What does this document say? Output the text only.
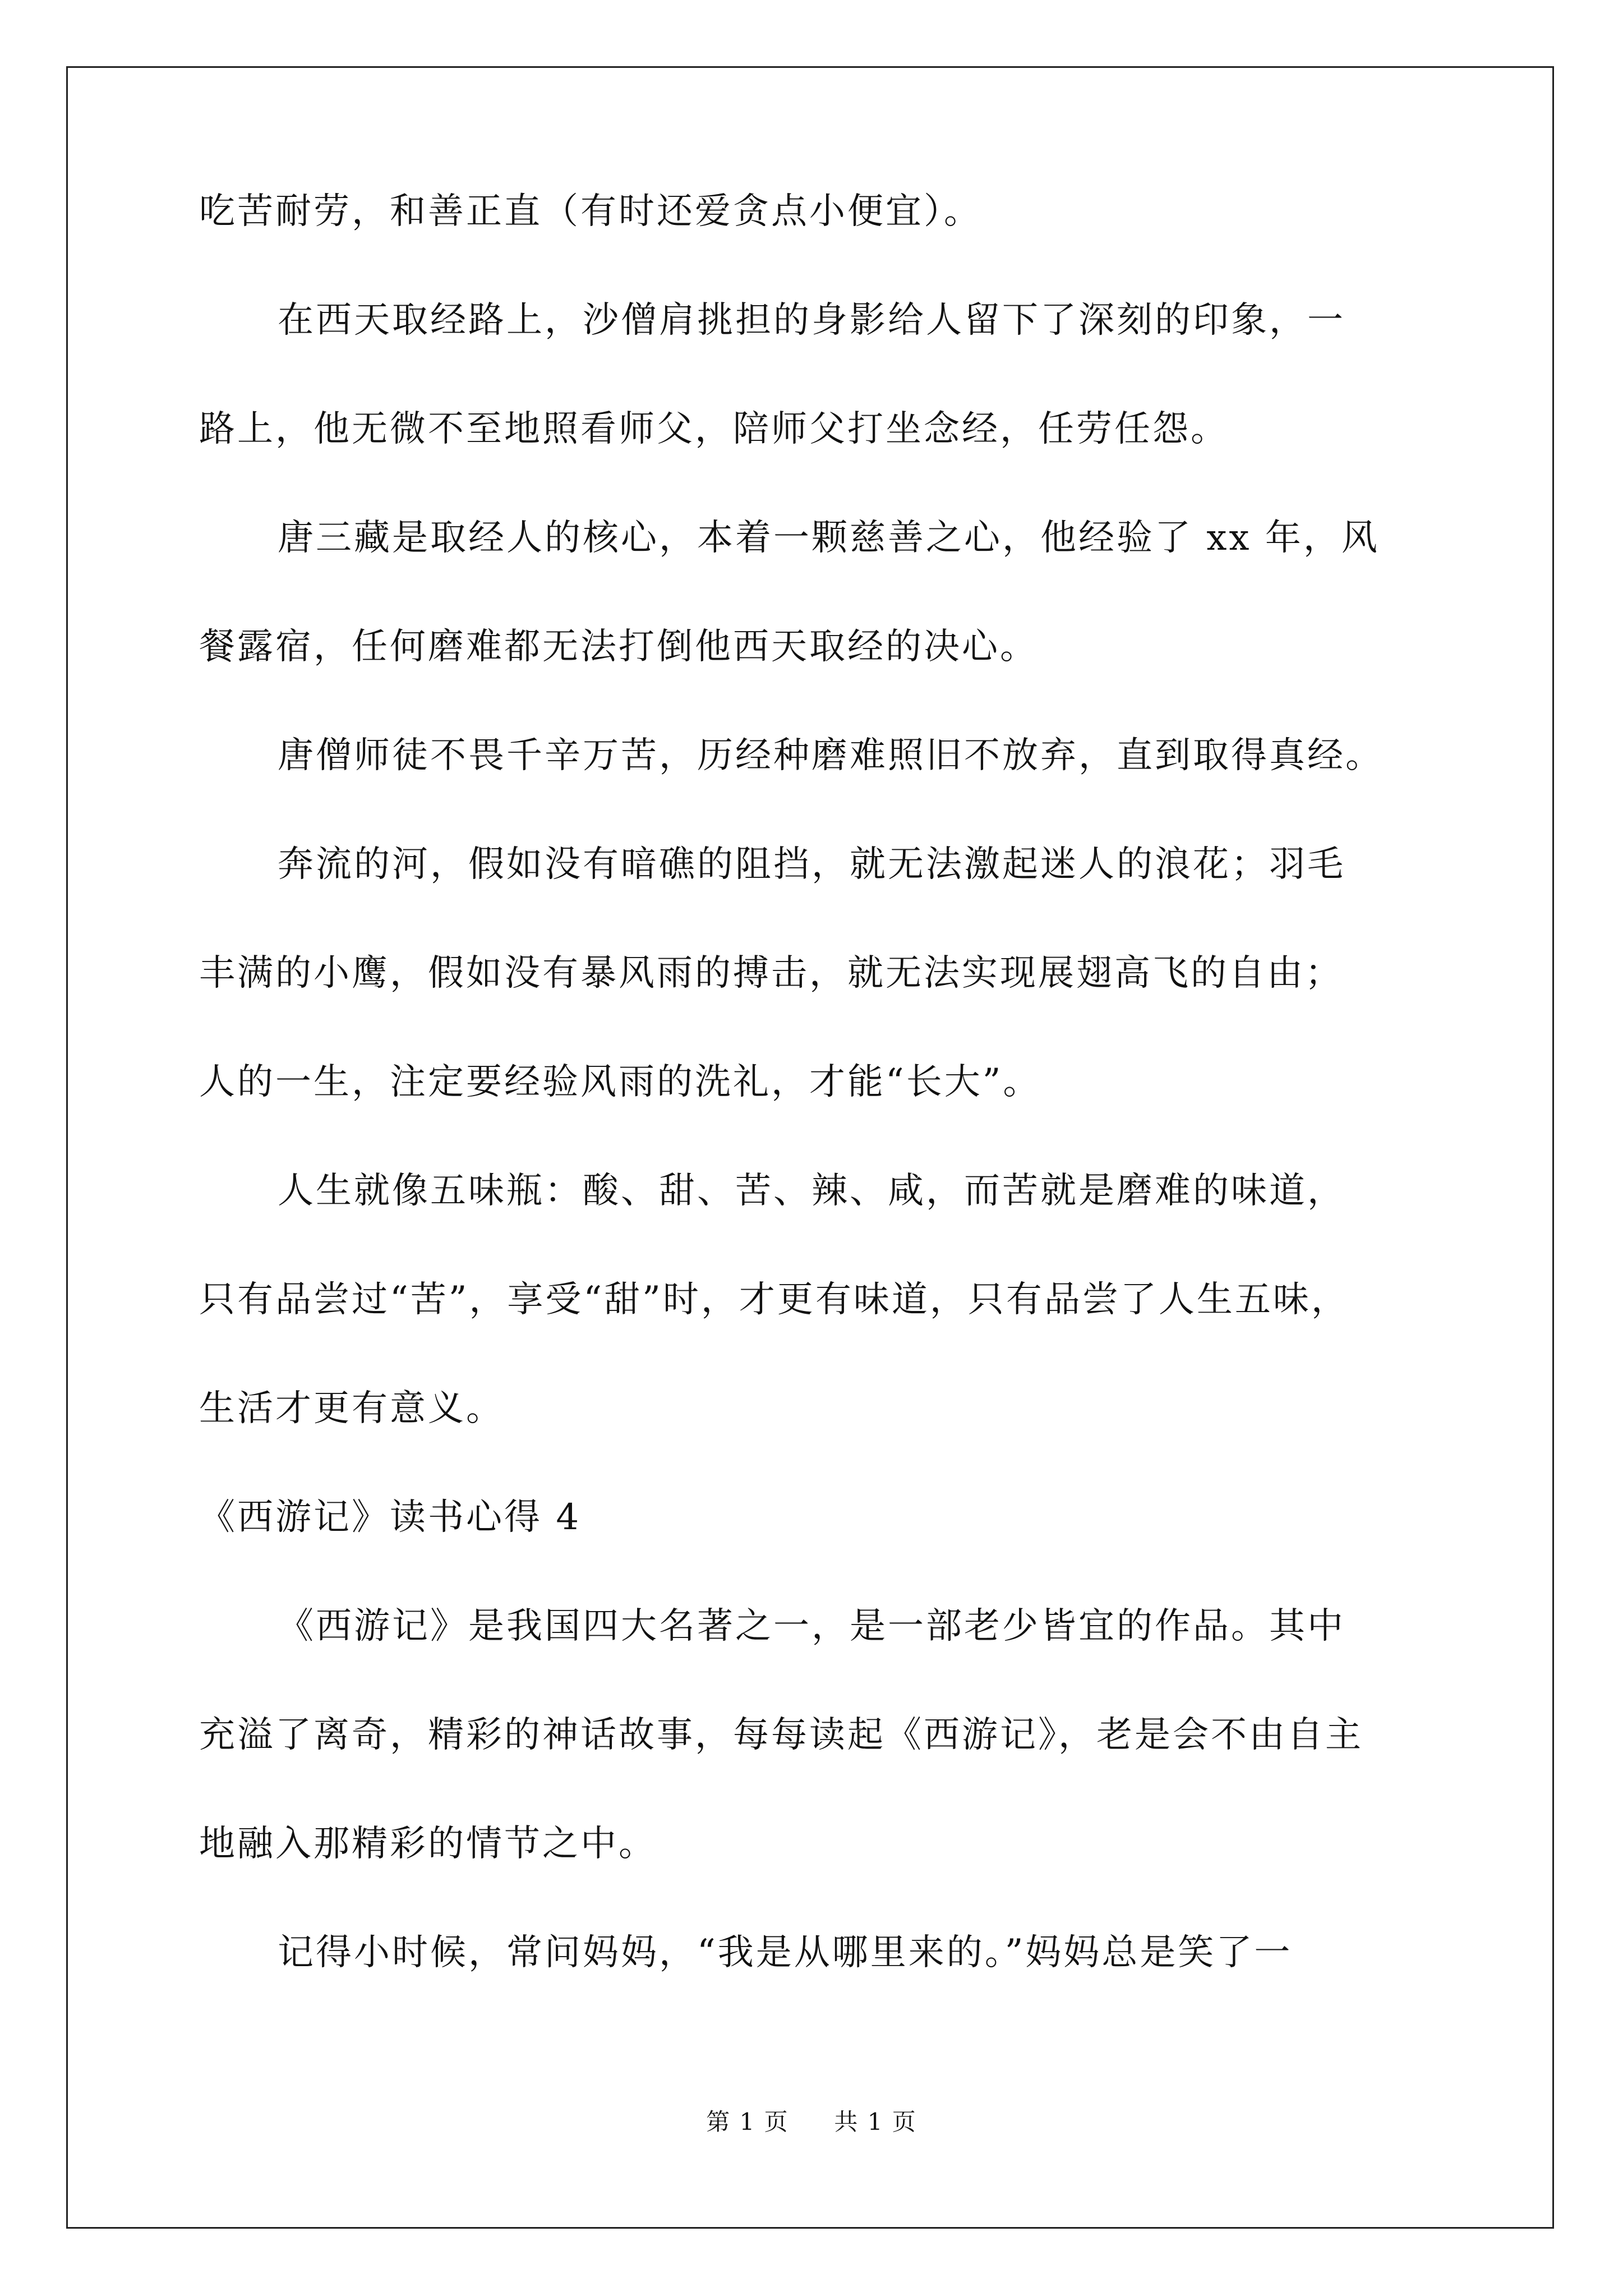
吃苦耐劳，和善正直（有时还爱贪点小便宜）。
在西天取经路上，沙僧肩挑担的身影给人留下了深刻的印象，一
路上，他无微不至地照看师父，陪师父打坐念经，任劳任怨。
唐三藏是取经人的核心，本着一颗慈善之心，他经验了 xx 年，风
餐露宿，任何磨难都无法打倒他西天取经的决心。
唐僧师徒不畏千辛万苦，历经种磨难照旧不放弃，直到取得真经。
奔流的河，假如没有暗礁的阻挡，就无法激起迷人的浪花；羽毛
丰满的小鹰，假如没有暴风雨的搏击，就无法实现展翅高飞的自由；
人的一生，注定要经验风雨的洗礼，才能“长大”。
人生就像五味瓶：酸、甜、苦、辣、咸，而苦就是磨难的味道，
只有品尝过“苦”，享受“甜”时，才更有味道，只有品尝了人生五味，
生活才更有意义。
《西游记》读书心得 4
《西游记》是我国四大名著之一，是一部老少皆宜的作品。其中
充溢了离奇，精彩的神话故事，每每读起《西游记》，老是会不由自主
地融入那精彩的情节之中。
记得小时候，常问妈妈，“我是从哪里来的。”妈妈总是笑了一
第 1 页 共 1 页
